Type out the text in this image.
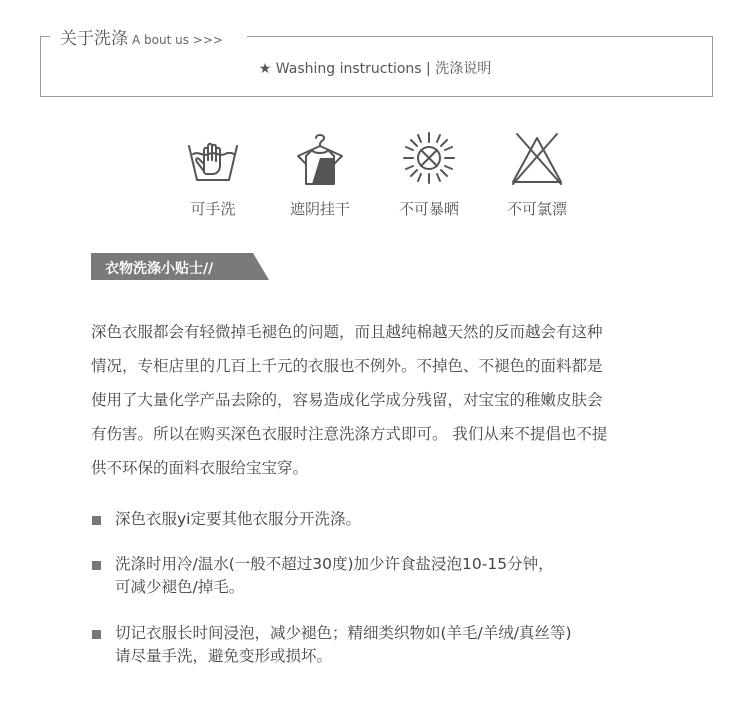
关于洗涤 A bout us >>>
★ Washing instructions | 洗涤说明
可手洗	遮阴挂干	不可暴晒	不可氯漂
衣物洗涤小贴士//

深色衣服都会有轻微掉毛褪色的问题，而且越纯棉越天然的反而越会有这种

情况，专柜店里的几百上千元的衣服也不例外。不掉色、不褪色的面料都是

使用了大量化学产品去除的，容易造成化学成分残留，对宝宝的稚嫩皮肤会

有伤害。所以在购买深色衣服时注意洗涤方式即可。 我们从来不提倡也不提

供不环保的面料衣服给宝宝穿。

深色衣服yi定要其他衣服分开洗涤。
洗涤时用冷/温水(一般不超过30度)加少许食盐浸泡10-15分钟，
可减少褪色/掉毛。
切记衣服长时间浸泡，减少褪色；精细类织物如(羊毛/羊绒/真丝等)
请尽量手洗，避免变形或损坏。
